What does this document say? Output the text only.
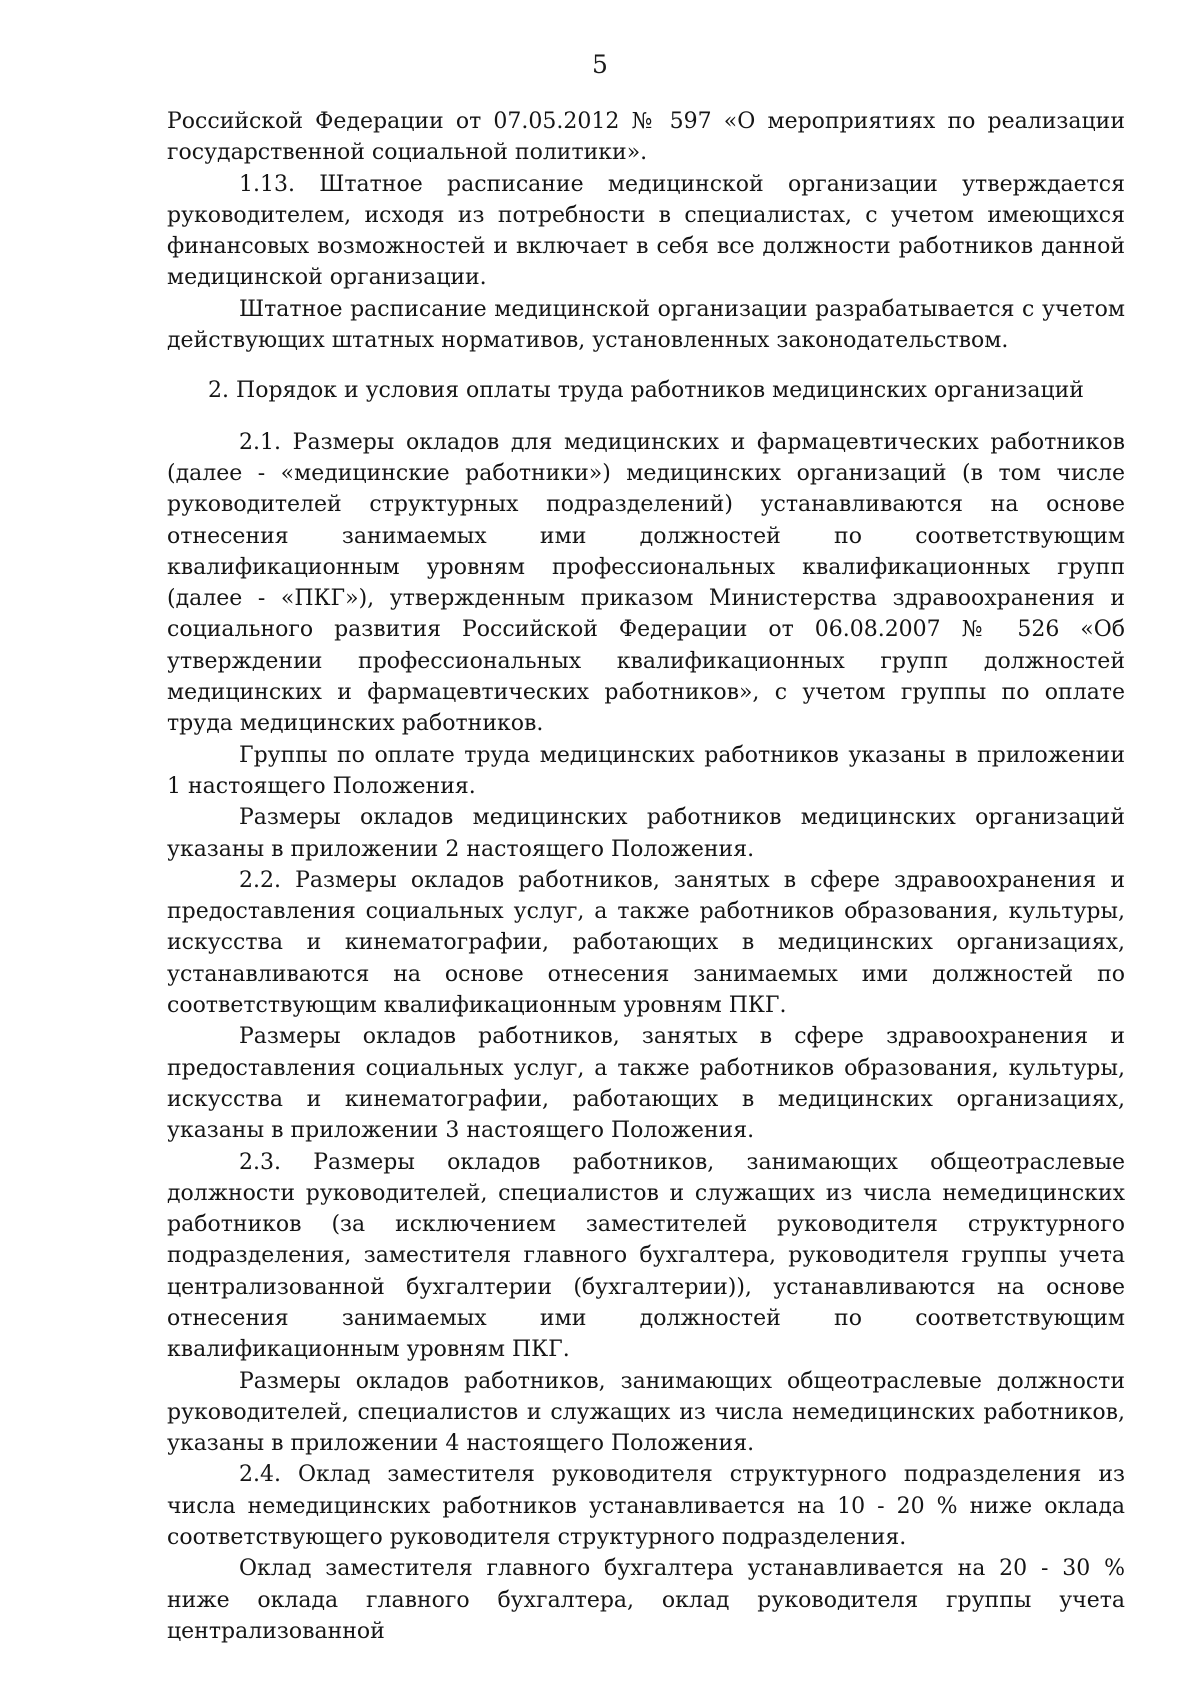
5

Российской Федерации от 07.05.2012 № 597 «О мероприятиях по реализации государственной социальной политики».

1.13. Штатное расписание медицинской организации утверждается руководителем, исходя из потребности в специалистах, с учетом имеющихся финансовых возможностей и включает в себя все должности работников данной медицинской организации.

Штатное расписание медицинской организации разрабатывается с учетом действующих штатных нормативов, установленных законодательством.

2. Порядок и условия оплаты труда работников медицинских организаций

2.1. Размеры окладов для медицинских и фармацевтических работников (далее - «медицинские работники») медицинских организаций (в том числе руководителей структурных подразделений) устанавливаются на основе отнесения занимаемых ими должностей по соответствующим квалификационным уровням профессиональных квалификационных групп (далее - «ПКГ»), утвержденным приказом Министерства здравоохранения и социального развития Российской Федерации от 06.08.2007 № 526 «Об утверждении профессиональных квалификационных групп должностей медицинских и фармацевтических работников», с учетом группы по оплате труда медицинских работников.

Группы по оплате труда медицинских работников указаны в приложении 1 настоящего Положения.

Размеры окладов медицинских работников медицинских организаций указаны в приложении 2 настоящего Положения.

2.2. Размеры окладов работников, занятых в сфере здравоохранения и предоставления социальных услуг, а также работников образования, культуры, искусства и кинематографии, работающих в медицинских организациях, устанавливаются на основе отнесения занимаемых ими должностей по соответствующим квалификационным уровням ПКГ.

Размеры окладов работников, занятых в сфере здравоохранения и предоставления социальных услуг, а также работников образования, культуры, искусства и кинематографии, работающих в медицинских организациях, указаны в приложении 3 настоящего Положения.

2.3. Размеры окладов работников, занимающих общеотраслевые должности руководителей, специалистов и служащих из числа немедицинских работников (за исключением заместителей руководителя структурного подразделения, заместителя главного бухгалтера, руководителя группы учета централизованной бухгалтерии (бухгалтерии)), устанавливаются на основе отнесения занимаемых ими должностей по соответствующим квалификационным уровням ПКГ.

Размеры окладов работников, занимающих общеотраслевые должности руководителей, специалистов и служащих из числа немедицинских работников, указаны в приложении 4 настоящего Положения.

2.4. Оклад заместителя руководителя структурного подразделения из числа немедицинских работников устанавливается на 10 - 20 % ниже оклада соответствующего руководителя структурного подразделения.

Оклад заместителя главного бухгалтера устанавливается на 20 - 30 % ниже оклада главного бухгалтера, оклад руководителя группы учета централизованной
